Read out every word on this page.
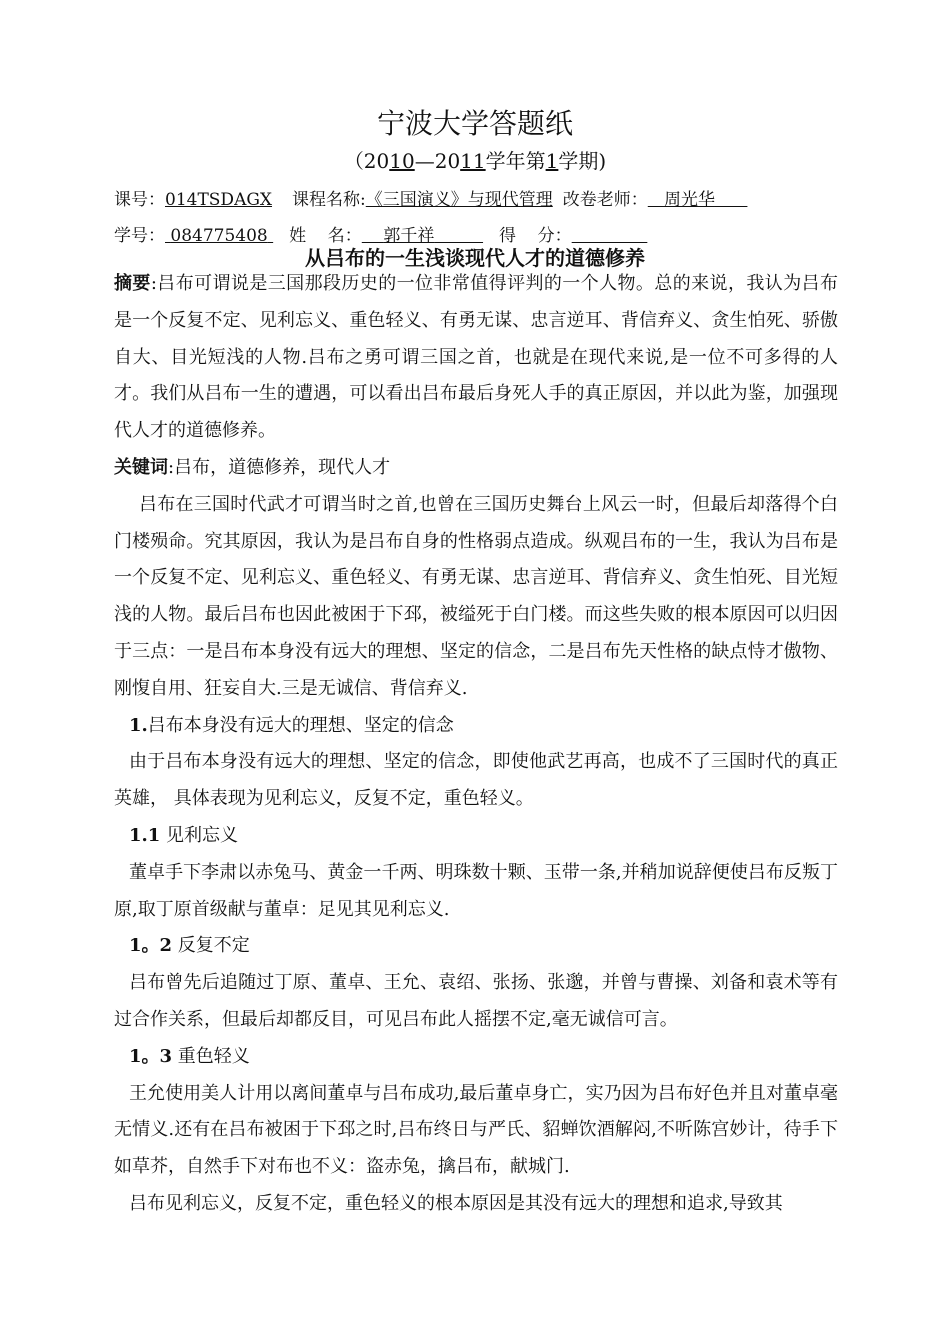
宁波大学答题纸
（2010—2011学年第1学期)
课号：014TSDAGX 课程名称:《三国演义》与现代管理 改卷老师： 周光华
学号： 084775408 姓    名： 郭千祥	得    分：
从吕布的一生浅谈现代人才的道德修养

摘要:吕布可谓说是三国那段历史的一位非常值得评判的一个人物。总的来说，我认为吕布是一个反复不定、见利忘义、重色轻义、有勇无谋、忠言逆耳、背信弃义、贪生怕死、骄傲自大、目光短浅的人物.吕布之勇可谓三国之首，也就是在现代来说,是一位不可多得的人才。我们从吕布一生的遭遇，可以看出吕布最后身死人手的真正原因，并以此为鉴，加强现代人才的道德修养。

关键词:吕布，道德修养，现代人才

吕布在三国时代武才可谓当时之首,也曾在三国历史舞台上风云一时，但最后却落得个白门楼殒命。究其原因，我认为是吕布自身的性格弱点造成。纵观吕布的一生，我认为吕布是一个反复不定、见利忘义、重色轻义、有勇无谋、忠言逆耳、背信弃义、贪生怕死、目光短浅的人物。最后吕布也因此被困于下邳，被缢死于白门楼。而这些失败的根本原因可以归因于三点：一是吕布本身没有远大的理想、坚定的信念，二是吕布先天性格的缺点恃才傲物、刚愎自用、狂妄自大.三是无诚信、背信弃义.

1.吕布本身没有远大的理想、坚定的信念

由于吕布本身没有远大的理想、坚定的信念，即使他武艺再高，也成不了三国时代的真正英雄， 具体表现为见利忘义，反复不定，重色轻义。

1.1 见利忘义

董卓手下李肃以赤兔马、黄金一千两、明珠数十颗、玉带一条,并稍加说辞便使吕布反叛丁原,取丁原首级献与董卓：足见其见利忘义.

1。2 反复不定

吕布曾先后追随过丁原、董卓、王允、袁绍、张扬、张邈，并曾与曹操、刘备和袁术等有过合作关系，但最后却都反目，可见吕布此人摇摆不定,毫无诚信可言。

1。3 重色轻义

王允使用美人计用以离间董卓与吕布成功,最后董卓身亡，实乃因为吕布好色并且对董卓毫无情义.还有在吕布被困于下邳之时,吕布终日与严氏、貂蝉饮酒解闷,不听陈宫妙计，待手下如草芥，自然手下对布也不义：盗赤兔，擒吕布，献城门.

吕布见利忘义，反复不定，重色轻义的根本原因是其没有远大的理想和追求,导致其
